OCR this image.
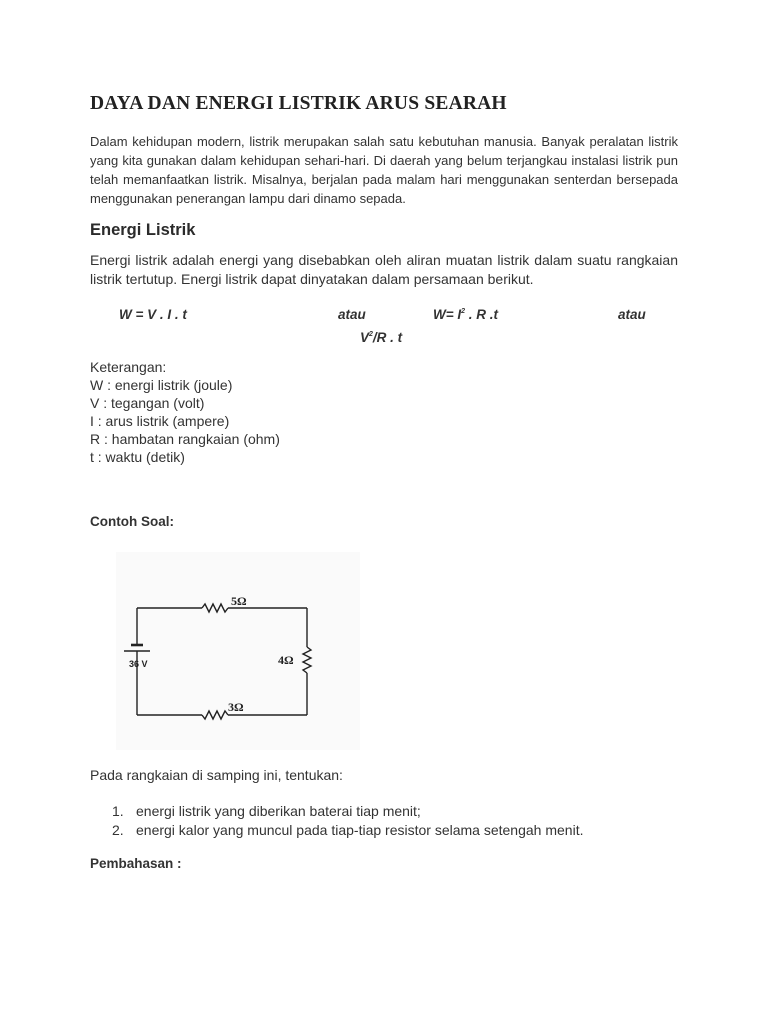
DAYA DAN ENERGI LISTRIK ARUS SEARAH

Dalam kehidupan modern, listrik merupakan salah satu kebutuhan manusia. Banyak peralatan listrik yang kita gunakan dalam kehidupan sehari-hari. Di daerah yang belum terjangkau instalasi listrik pun telah memanfaatkan listrik. Misalnya, berjalan pada malam hari menggunakan senterdan bersepada menggunakan penerangan lampu dari dinamo sepada.

Energi Listrik

Energi listrik adalah energi yang disebabkan oleh aliran muatan listrik dalam suatu rangkaian listrik tertutup. Energi listrik dapat dinyatakan dalam persamaan berikut.

W = V . I . t	atau	$W= I^2$ . R .t	atau
$V^2/R$ . t
Keterangan:
W : energi listrik (joule)
V : tegangan (volt)
I : arus listrik (ampere)
R : hambatan rangkaian (ohm)
t : waktu (detik)
Contoh Soal:
36 V
5Ω
4Ω
3Ω

Pada rangkaian di samping ini, tentukan:

1. energi listrik yang diberikan baterai tiap menit;
2. energi kalor yang muncul pada tiap-tiap resistor selama setengah menit.
Pembahasan :
